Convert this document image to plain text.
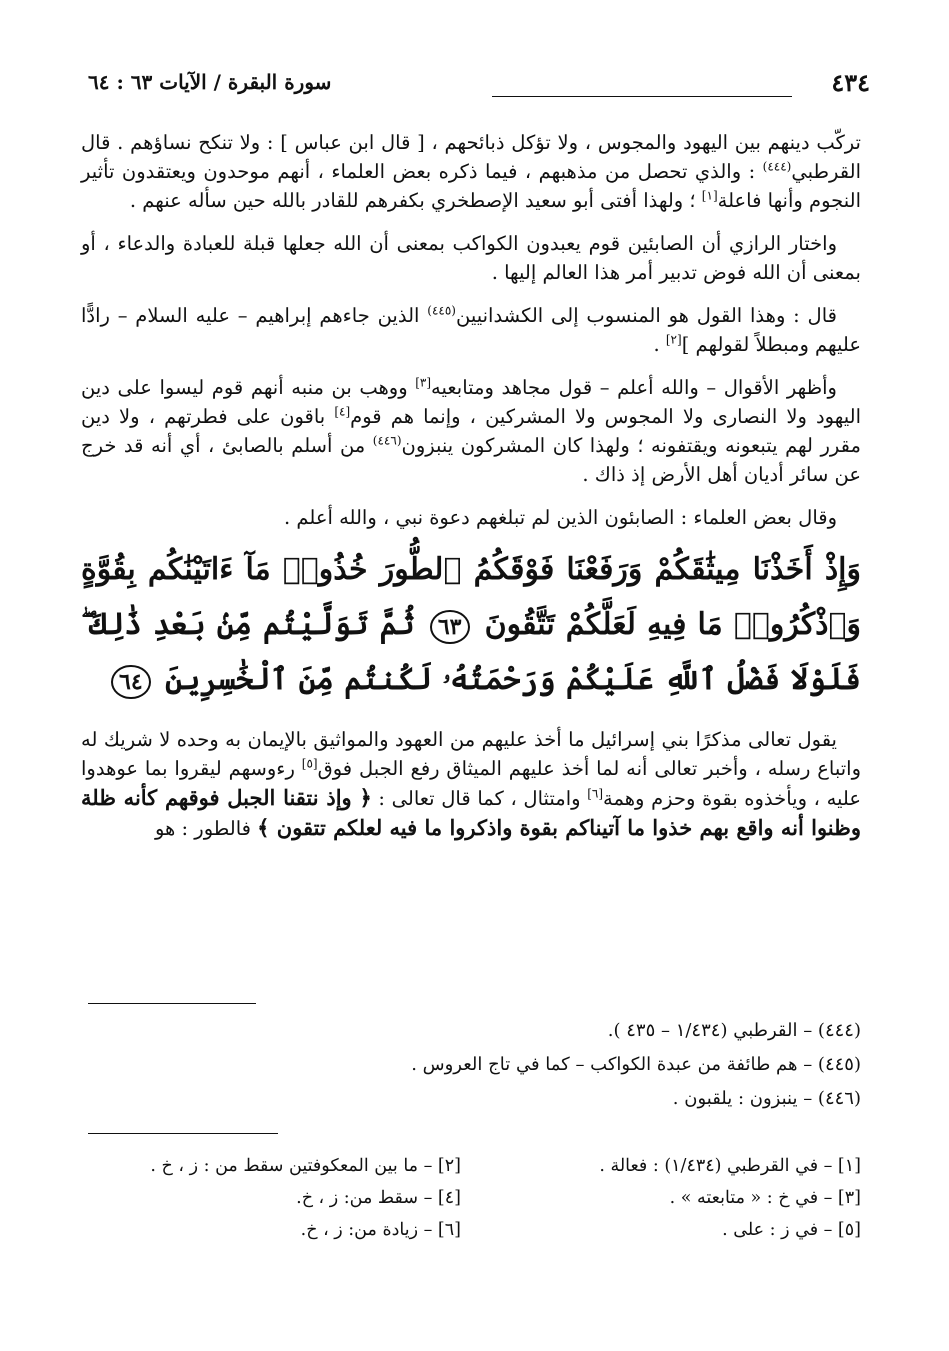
٤٣٤
سورة البقرة / الآيات ٦٣ : ٦٤

تركّب دينهم بين اليهود والمجوس ، ولا تؤكل ذبائحهم ، [ قال ابن عباس ] : ولا تنكح نساؤهم . قال القرطبي$^{(٤٤٤)}$ : والذي تحصل من مذهبهم ، فيما ذكره بعض العلماء ، أنهم موحدون ويعتقدون تأثير النجوم وأنها فاعلة[١] ؛ ولهذا أفتى أبو سعيد الإصطخري بكفرهم للقادر بالله حين سأله عنهم .

واختار الرازي أن الصابئين قوم يعبدون الكواكب بمعنى أن الله جعلها قبلة للعبادة والدعاء ، أو بمعنى أن الله فوض تدبير أمر هذا العالم إليها .

قال : وهذا القول هو المنسوب إلى الكشدانيين$^{(٤٤٥)}$ الذين جاءهم إبراهيم – عليه السلام – رادًّا عليهم ومبطلاً لقولهم ][٢] .

وأظهر الأقوال – والله أعلم – قول مجاهد ومتابعيه[٣] ووهب بن منبه أنهم قوم ليسوا على دين اليهود ولا النصارى ولا المجوس ولا المشركين ، وإنما هم قوم[٤] باقون على فطرتهم ، ولا دين مقرر لهم يتبعونه ويقتفونه ؛ ولهذا كان المشركون ينبزون$^{(٤٤٦)}$ من أسلم بالصابئ ، أي أنه قد خرج عن سائر أديان أهل الأرض إذ ذاك .

وقال بعض العلماء : الصابئون الذين لم تبلغهم دعوة نبي ، والله أعلم .

وَإِذْ أَخَذْنَا مِيثَٰقَكُمْ وَرَفَعْنَا فَوْقَكُمُ ٱلطُّورَ خُذُوا۟ مَآ ءَاتَيْنَٰكُم بِقُوَّةٍ وَٱذْكُرُوا۟ مَا فِيهِ لَعَلَّكُمْ تَتَّقُونَ ٦٣ ثُمَّ تَوَلَّيْتُم مِّنۢ بَعْدِ ذَٰلِكَ ۖ فَلَوْلَا فَضْلُ ٱللَّهِ عَلَيْكُمْ وَرَحْمَتُهُۥ لَكُنتُم مِّنَ ٱلْخَٰسِرِينَ ٦٤

يقول تعالى مذكرًا بني إسرائيل ما أخذ عليهم من العهود والمواثيق بالإيمان به وحده لا شريك له واتباع رسله ، وأخبر تعالى أنه لما أخذ عليهم الميثاق رفع الجبل فوق[٥] رءوسهم ليقروا بما عوهدوا عليه ، ويأخذوه بقوة وحزم وهمة[٦] وامتثال ، كما قال تعالى : ﴿ وإذ نتقنا الجبل فوقهم كأنه ظلة وظنوا أنه واقع بهم خذوا ما آتيناكم بقوة واذكروا ما فيه لعلكم تتقون ﴾ فالطور : هو

(٤٤٤) – القرطبي (١/٤٣٤ – ٤٣٥ ).
(٤٤٥) – هم طائفة من عبدة الكواكب – كما في تاج العروس .
(٤٤٦) – ينبزون : يلقبون .
[١] – في القرطبي (١/٤٣٤) : فعالة .
[٣] – في خ : « متابعته » .
[٥] – في ز : على .
[٢] – ما بين المعكوفتين سقط من : ز ، خ .
[٤] – سقط من: ز ، خ.
[٦] – زيادة من: ز ، خ.
